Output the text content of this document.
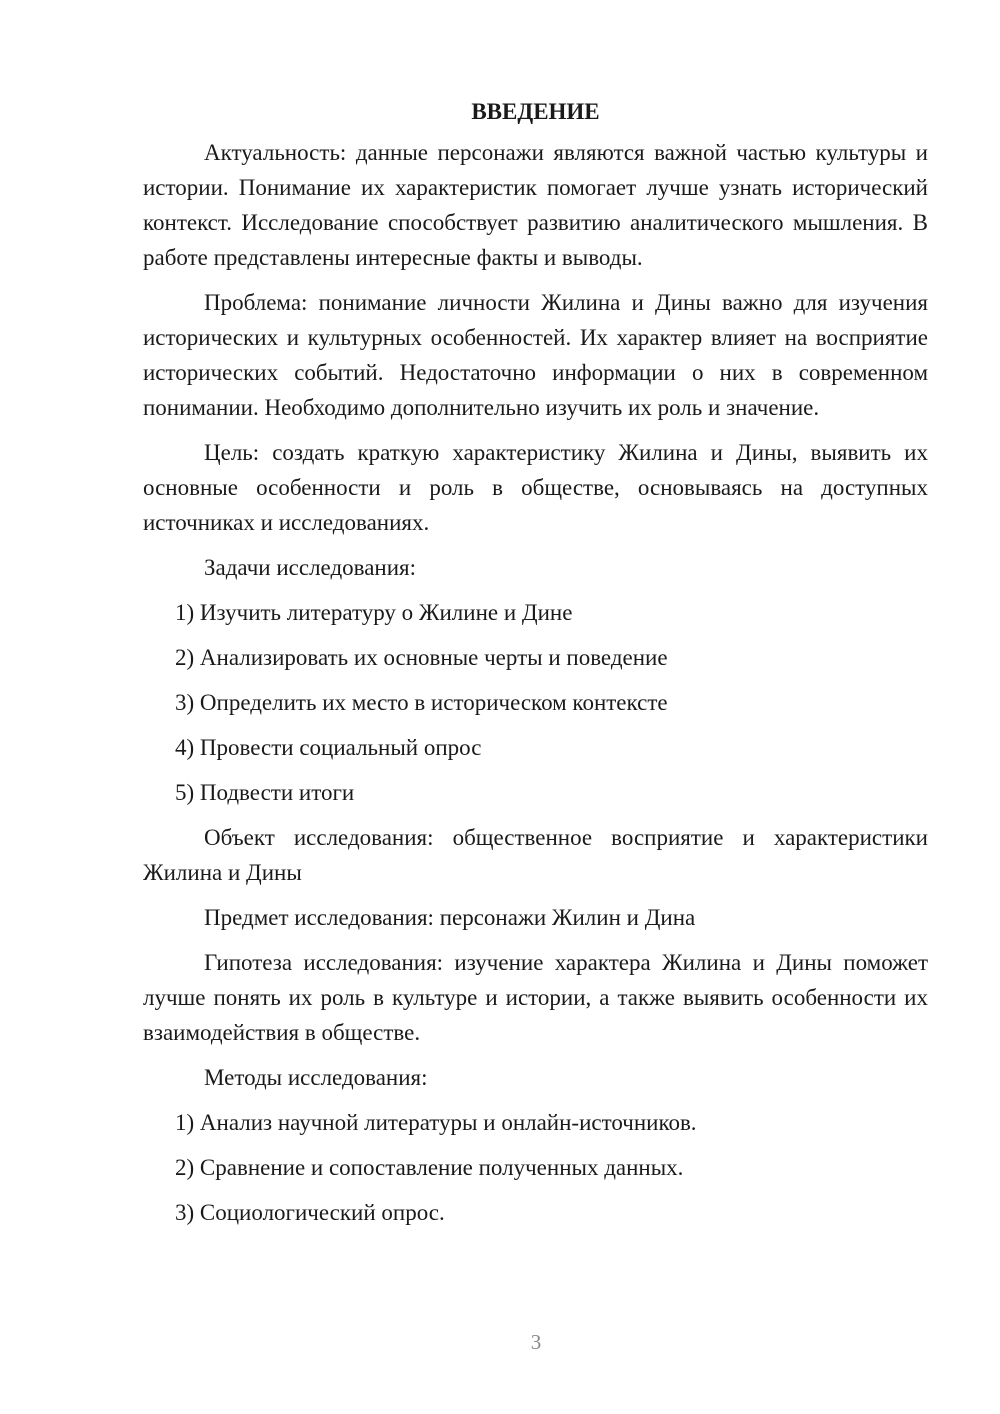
ВВЕДЕНИЕ
Актуальность: данные персонажи являются важной частью культуры и истории. Понимание их характеристик помогает лучше узнать исторический контекст. Исследование способствует развитию аналитического мышления. В работе представлены интересные факты и выводы.
Проблема: понимание личности Жилина и Дины важно для изучения исторических и культурных особенностей. Их характер влияет на восприятие исторических событий. Недостаточно информации о них в современном понимании. Необходимо дополнительно изучить их роль и значение.
Цель: создать краткую характеристику Жилина и Дины, выявить их основные особенности и роль в обществе, основываясь на доступных источниках и исследованиях.
Задачи исследования:
1) Изучить литературу о Жилине и Дине
2) Анализировать их основные черты и поведение
3) Определить их место в историческом контексте
4) Провести социальный опрос
5) Подвести итоги
Объект исследования: общественное восприятие и характеристики Жилина и Дины
Предмет исследования: персонажи Жилин и Дина
Гипотеза исследования: изучение характера Жилина и Дины поможет лучше понять их роль в культуре и истории, а также выявить особенности их взаимодействия в обществе.
Методы исследования:
1) Анализ научной литературы и онлайн-источников.
2) Сравнение и сопоставление полученных данных.
3) Социологический опрос.
3
